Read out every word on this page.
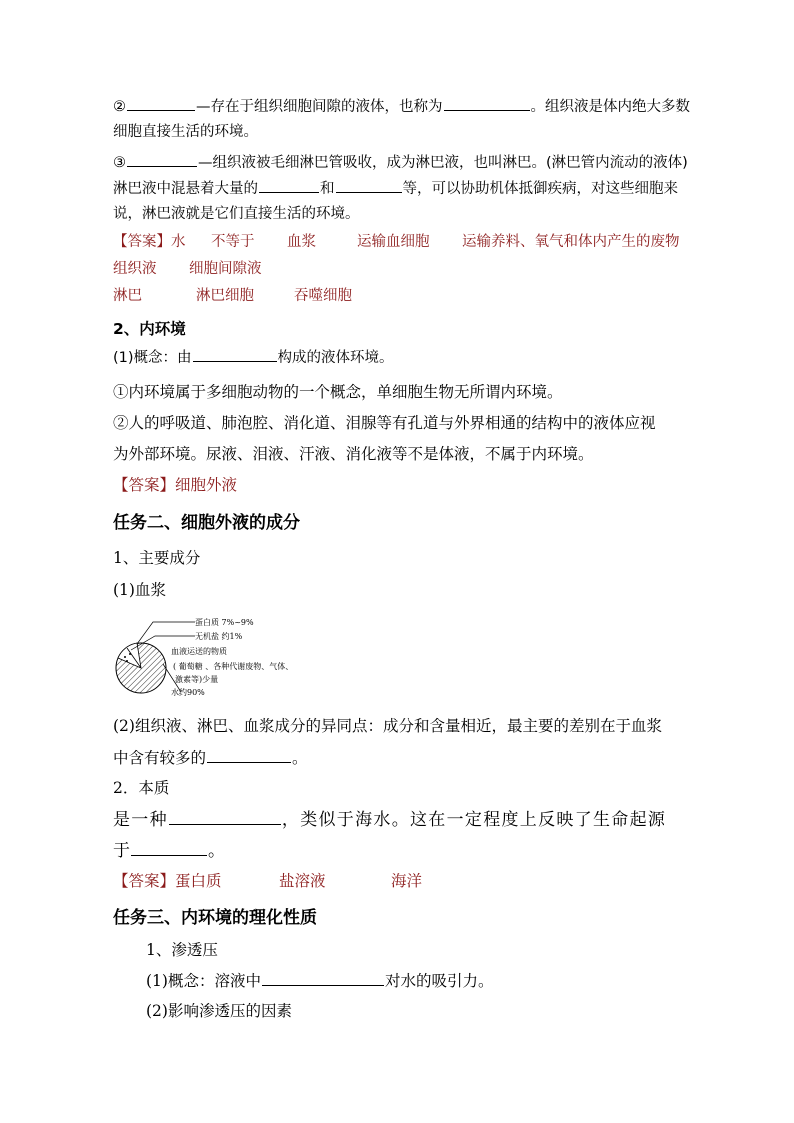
②	—存在于组织细胞间隙的液体，也称为	。组织液是体内绝大多数
细胞直接生活的环境。
③	—组织液被毛细淋巴管吸收，成为淋巴液，也叫淋巴。(淋巴管内流动的液体)
淋巴液中混悬着大量的	和	等，可以协助机体抵御疾病，对这些细胞来
说，淋巴液就是它们直接生活的环境。
【答案】水 不等于 血浆	运输血细胞 运输养料、氧气和体内产生的废物
组织液 细胞间隙液
淋巴	淋巴细胞	吞噬细胞
2、内环境
(1)概念：由	构成的液体环境。
①内环境属于多细胞动物的一个概念，单细胞生物无所谓内环境。
②人的呼吸道、肺泡腔、消化道、泪腺等有孔道与外界相通的结构中的液体应视
为外部环境。尿液、泪液、汗液、消化液等不是体液，不属于内环境。
【答案】细胞外液
任务二、细胞外液的成分
1、主要成分
(1)血浆
蛋白质 7%~9%
无机盐 约1%
血液运送的物质
( 葡萄糖 、各种代谢废物、气体、
激素等)少量
水约90%
(2)组织液、淋巴、血浆成分的异同点：成分和含量相近，最主要的差别在于血浆
中含有较多的	。
2．本质
是一种	，类似于海水。这在一定程度上反映了生命起源
于	。
【答案】蛋白质	盐溶液	海洋
任务三、内环境的理化性质
1、渗透压
(1)概念：溶液中	对水的吸引力。
(2)影响渗透压的因素
